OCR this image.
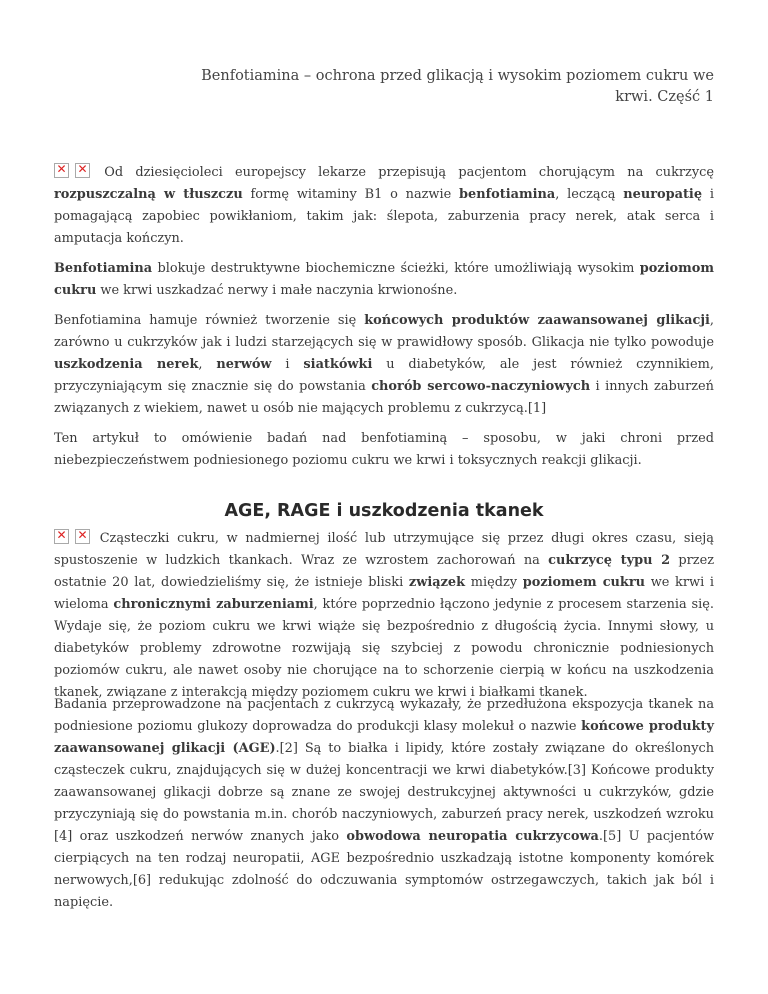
Benfotiamina – ochrona przed glikacją i wysokim poziomem cukru we
krwi. Część 1

✕ ✕ Od dziesięcioleci europejscy lekarze przepisują pacjentom chorującym na cukrzycę rozpuszczalną w tłuszczu formę witaminy B1 o nazwie benfotiamina, leczącą neuropatię i pomagającą zapobiec powikłaniom, takim jak: ślepota, zaburzenia pracy nerek, atak serca i amputacja kończyn.

Benfotiamina blokuje destruktywne biochemiczne ścieżki, które umożliwiają wysokim poziomom cukru we krwi uszkadzać nerwy i małe naczynia krwionośne.

Benfotiamina hamuje również tworzenie się końcowych produktów zaawansowanej glikacji, zarówno u cukrzyków jak i ludzi starzejących się w prawidłowy sposób. Glikacja nie tylko powoduje uszkodzenia nerek, nerwów i siatkówki u diabetyków, ale jest również czynnikiem, przyczyniającym się znacznie się do powstania chorób sercowo-naczyniowych i innych zaburzeń związanych z wiekiem, nawet u osób nie mających problemu z cukrzycą.[1]

Ten artykuł to omówienie badań nad benfotiaminą – sposobu, w jaki chroni przed niebezpieczeństwem podniesionego poziomu cukru we krwi i toksycznych reakcji glikacji.

AGE, RAGE i uszkodzenia tkanek

✕ ✕ Cząsteczki cukru, w nadmiernej ilość lub utrzymujące się przez długi okres czasu, sieją spustoszenie w ludzkich tkankach. Wraz ze wzrostem zachorowań na cukrzycę typu 2 przez ostatnie 20 lat, dowiedzieliśmy się, że istnieje bliski związek między poziomem cukru we krwi i wieloma chronicznymi zaburzeniami, które poprzednio łączono jedynie z procesem starzenia się. Wydaje się, że poziom cukru we krwi wiąże się bezpośrednio z długością życia. Innymi słowy, u diabetyków problemy zdrowotne rozwijają się szybciej z powodu chronicznie podniesionych poziomów cukru, ale nawet osoby nie chorujące na to schorzenie cierpią w końcu na uszkodzenia tkanek, związane z interakcją między poziomem cukru we krwi i białkami tkanek.

Badania przeprowadzone na pacjentach z cukrzycą wykazały, że przedłużona ekspozycja tkanek na podniesione poziomu glukozy doprowadza do produkcji klasy molekuł o nazwie końcowe produkty zaawansowanej glikacji (AGE).[2] Są to białka i lipidy, które zostały związane do określonych cząsteczek cukru, znajdujących się w dużej koncentracji we krwi diabetyków.[3] Końcowe produkty zaawansowanej glikacji dobrze są znane ze swojej destrukcyjnej aktywności u cukrzyków, gdzie przyczyniają się do powstania m.in. chorób naczyniowych, zaburzeń pracy nerek, uszkodzeń wzroku [4] oraz uszkodzeń nerwów znanych jako obwodowa neuropatia cukrzycowa.[5] U pacjentów cierpiących na ten rodzaj neuropatii, AGE bezpośrednio uszkadzają istotne komponenty komórek nerwowych,[6] redukując zdolność do odczuwania symptomów ostrzegawczych, takich jak ból i napięcie.
